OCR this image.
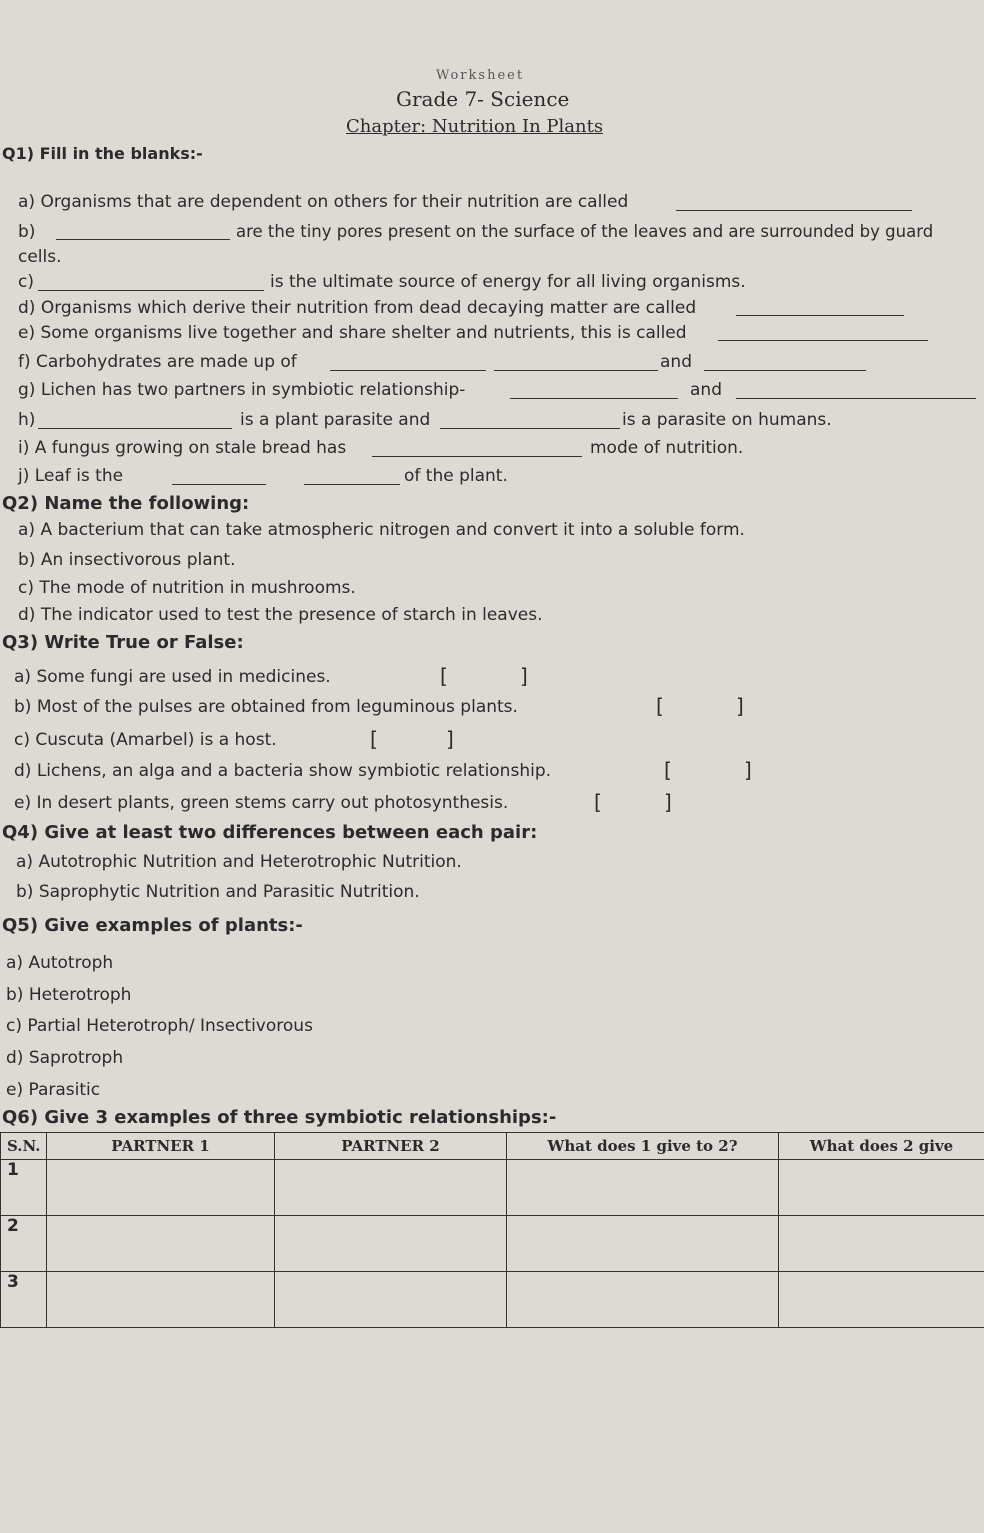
Worksheet
Grade 7- Science
Chapter: Nutrition In Plants
Q1) Fill in the blanks:-
a) Organisms that are dependent on others for their nutrition are called
b)	are the tiny pores present on the surface of the leaves and are surrounded by guard
cells.
c)	is the ultimate source of energy for all living organisms.
d) Organisms which derive their nutrition from dead decaying matter are called
e) Some organisms live together and share shelter and nutrients, this is called
f) Carbohydrates are made up of	and
g) Lichen has two partners in symbiotic relationship-	and
h)	is a plant parasite and	is a parasite on humans.
i) A fungus growing on stale bread has	mode of nutrition.
j) Leaf is the	of the plant.
Q2) Name the following:
a) A bacterium that can take atmospheric nitrogen and convert it into a soluble form.
b) An insectivorous plant.
c) The mode of nutrition in mushrooms.
d) The indicator used to test the presence of starch in leaves.
Q3) Write True or False:
a) Some fungi are used in medicines.	[	]
b) Most of the pulses are obtained from leguminous plants.	[	]
c) Cuscuta (Amarbel) is a host.	[	]
d) Lichens, an alga and a bacteria show symbiotic relationship.	[	]
e) In desert plants, green stems carry out photosynthesis.	[	]
Q4) Give at least two differences between each pair:
a) Autotrophic Nutrition and Heterotrophic Nutrition.
b) Saprophytic Nutrition and Parasitic Nutrition.
Q5) Give examples of plants:-
a) Autotroph
b) Heterotroph
c) Partial Heterotroph/ Insectivorous
d) Saprotroph
e) Parasitic
Q6) Give 3 examples of three symbiotic relationships:-
S.N.	PARTNER 1	PARTNER 2	What does 1 give to 2?	What does 2 give
1				
2				
3				
